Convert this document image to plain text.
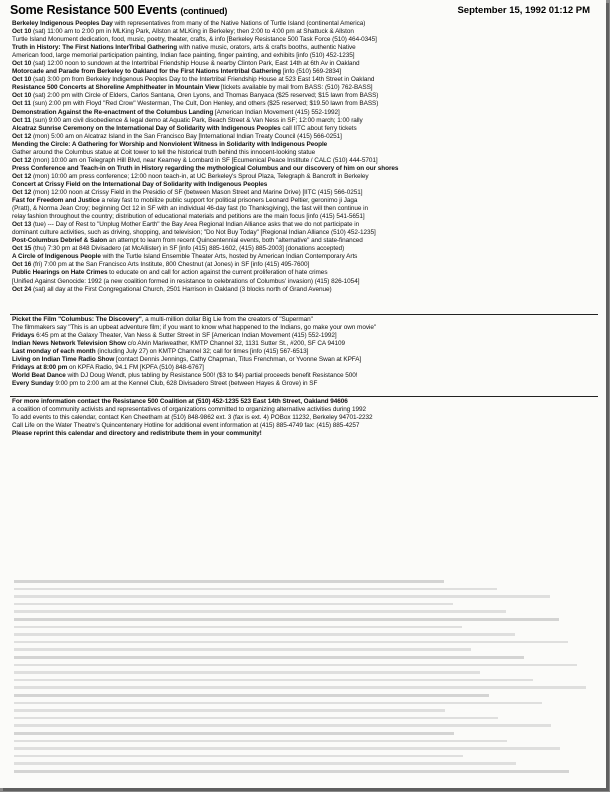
Some Resistance 500 Events (continued)	September 15, 1992 01:12 PM
Berkeley Indigenous Peoples Day with representatives from many of the Native Nations of Turtle Island (continental America)
Oct 10 (sat) 11:00 am to 2:00 pm in MLKing Park, Allston at MLKing in Berkeley; then 2:00 to 4:00 pm at Shattuck & Allston
Turtle Island Monument dedication, food, music, poetry, theater, crafts, & info [Berkeley Resistance 500 Task Force (510) 464-0345]
Truth in History: The First Nations InterTribal Gathering with native music, orators, arts & crafts booths, authentic Native
American food, large memorial participation painting, Indian face painting, finger painting, and exhibits [info (510) 452-1235]
Oct 10 (sat) 12:00 noon to sundown at the Intertribal Friendship House & nearby Clinton Park, East 14th at 6th Av in Oakland
Motorcade and Parade from Berkeley to Oakland for the First Nations Intertribal Gathering [info (510) 569-2834]
Oct 10 (sat) 3:00 pm from Berkeley Indigenous Peoples Day to the Intertribal Friendship House at 523 East 14th Street in Oakland
Resistance 500 Concerts at Shoreline Amphitheater in Mountain View [tickets available by mail from BASS: (510) 762-BASS]
Oct 10 (sat) 2:00 pm with Circle of Elders, Carlos Santana, Oren Lyons, and Thomas Banyaca ($25 reserved; $15 lawn from BASS)
Oct 11 (sun) 2:00 pm with Floyd "Red Crow" Westerman, The Cult, Don Henley, and others ($25 reserved; $19.50 lawn from BASS)
Demonstration Against the Re-enactment of the Columbus Landing [American Indian Movement (415) 552-1992]
Oct 11 (sun) 9:00 am civil disobedience & legal demo at Aquatic Park, Beach Street & Van Ness in SF; 12:00 march; 1:00 rally
Alcatraz Sunrise Ceremony on the International Day of Solidarity with Indigenous Peoples call IITC about ferry tickets
Oct 12 (mon) 5:00 am on Alcatraz Island in the San Francisco Bay [International Indian Treaty Council (415) 566-0251]
Mending the Circle: A Gathering for Worship and Nonviolent Witness in Solidarity with Indigenous People
Gather around the Columbus statue at Coit tower to tell the historical truth behind this innocent-looking statue
Oct 12 (mon) 10:00 am on Telegraph Hill Blvd, near Kearney & Lombard in SF [Ecumenical Peace Institute / CALC (510) 444-5701]
Press Conference and Teach-in on Truth in History regarding the mythological Columbus and our discovery of him on our shores
Oct 12 (mon) 10:00 am press conference; 12:00 noon teach-in, at UC Berkeley's Sproul Plaza, Telegraph & Bancroft in Berkeley
Concert at Crissy Field on the International Day of Solidarity with Indigenous Peoples
Oct 12 (mon) 12:00 noon at Crissy Field in the Presidio of SF (between Mason Street and Marine Drive) [IITC (415) 566-0251]
Fast for Freedom and Justice a relay fast to mobilize public support for political prisoners Leonard Peltier, geronimo ji Jaga
(Pratt), & Norma Jean Croy; beginning Oct 12 in SF with an individual 46-day fast (to Thanksgiving), the fast will then continue in
relay fashion throughout the country; distribution of educational materials and petitions are the main focus [info (415) 541-5651]
Oct 13 (tue) --- Day of Rest to "Unplug Mother Earth" the Bay Area Regional Indian Alliance asks that we do not participate in
dominant culture activities, such as driving, shopping, and television; "Do Not Buy Today" [Regional Indian Alliance (510) 452-1235]
Post-Columbus Debrief & Salon an attempt to learn from recent Quincentennial events, both "alternative" and state-financed
Oct 15 (thu) 7:30 pm at 848 Divisadero (at McAllister) in SF [info (415) 885-1602, (415) 885-2003] (donations accepted)
A Circle of Indigenous People with the Turtle Island Ensemble Theater Arts, hosted by American Indian Contemporary Arts
Oct 16 (fri) 7:00 pm at the San Francisco Arts Institute, 800 Chestnut (at Jones) in SF [info (415) 495-7600]
Public Hearings on Hate Crimes to educate on and call for action against the current proliferation of hate crimes
[Unified Against Genocide: 1992 (a new coalition formed in resistance to celebrations of Columbus' invasion) (415) 826-1054]
Oct 24 (sat) all day at the First Congregational Church, 2501 Harrison in Oakland (3 blocks north of Grand Avenue)
Picket the Film "Columbus: The Discovery", a multi-million dollar Big Lie from the creators of "Superman"
The filmmakers say "This is an upbeat adventure film; if you want to know what happened to the Indians, go make your own movie"
Fridays 6:45 pm at the Galaxy Theater, Van Ness & Sutter Street in SF [American Indian Movement (415) 552-1992]
Indian News Network Television Show c/o Alvin Mariweather, KMTP Channel 32, 1131 Sutter St., #200, SF CA 94109
Last monday of each month (including July 27) on KMTP Channel 32; call for times [info (415) 567-6513]
Living on Indian Time Radio Show [contact Dennis Jennings, Cathy Chapman, Titus Frenchman, or Yvonne Swan at KPFA]
Fridays at 8:00 pm on KPFA Radio, 94.1 FM [KPFA (510) 848-6767]
World Beat Dance with DJ Doug Wendt, plus tabling by Resistance 500! ($3 to $4) partial proceeds benefit Resistance 500!
Every Sunday 9:00 pm to 2:00 am at the Kennel Club, 628 Divisadero Street (between Hayes & Grove) in SF
For more information contact the Resistance 500 Coalition at (510) 452-1235 523 East 14th Street, Oakland 94606
a coalition of community activists and representatives of organizations committed to organizing alternative activities during 1992
To add events to this calendar, contact Ken Cheetham at (510) 848-9862 ext. 3 (fax is ext. 4) POBox 11232, Berkeley 94701-2232
Call Life on the Water Theatre's Quincentenary Hotline for additional event information at (415) 885-4749 fax: (415) 885-4257
Please reprint this calendar and directory and redistribute them in your community!
